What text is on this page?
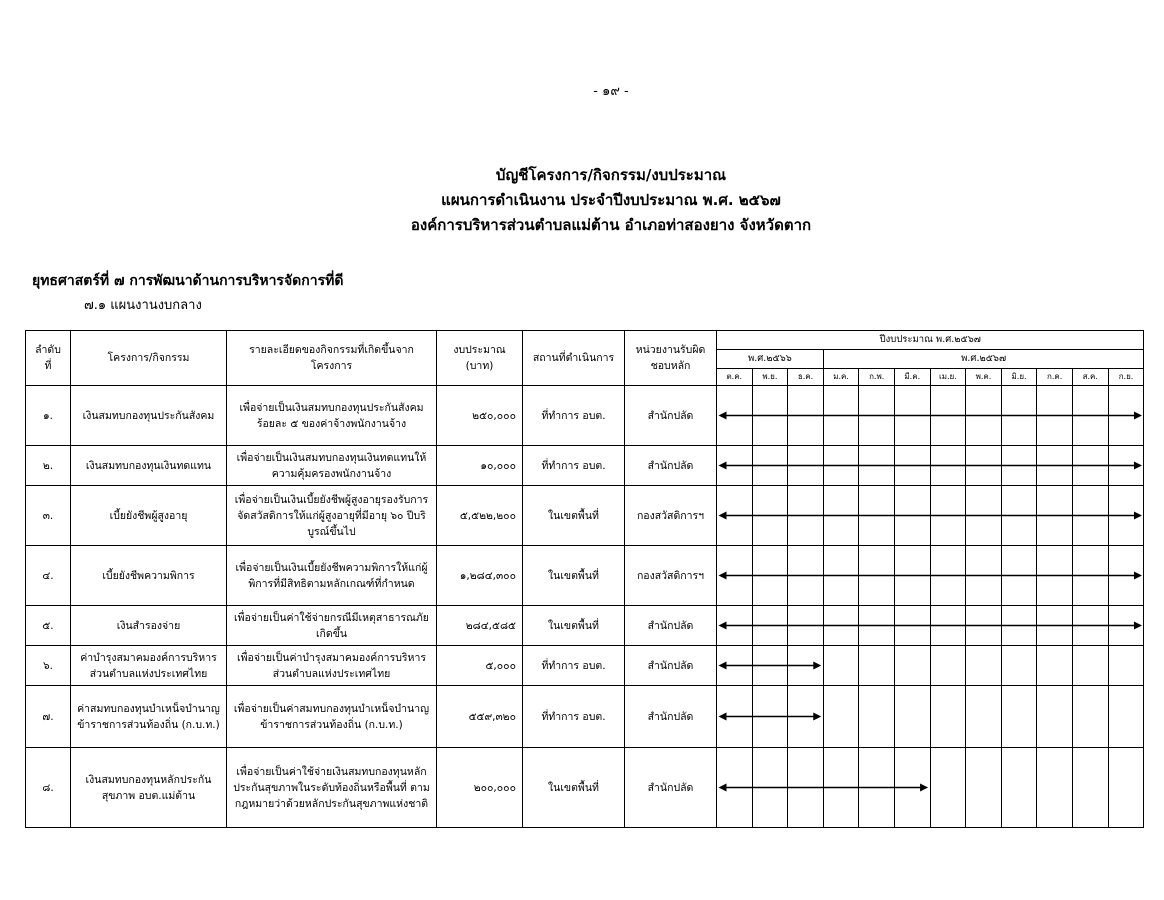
- ๑๙ -
บัญชีโครงการ/กิจกรรม/งบประมาณ
แผนการดำเนินงาน ประจำปีงบประมาณ พ.ศ. ๒๕๖๗
องค์การบริหารส่วนตำบลแม่ต้าน อำเภอท่าสองยาง จังหวัดตาก
ยุทธศาสตร์ที่ ๗ การพัฒนาด้านการบริหารจัดการที่ดี
๗.๑ แผนงานงบกลาง
ลำดับที่	โครงการ/กิจกรรม	รายละเอียดของกิจกรรมที่เกิดขึ้นจากโครงการ	งบประมาณ (บาท)	สถานที่ดำเนินการ	หน่วยงานรับผิดชอบหลัก	ปีงบประมาณ พ.ศ.๒๕๖๗											
						พ.ศ.๒๕๖๖			พ.ศ.๒๕๖๗								
						ต.ค.	พ.ย.	ธ.ค.	ม.ค.	ก.พ.	มี.ค.	เม.ย.	พ.ค.	มิ.ย.	ก.ค.	ส.ค.	ก.ย.
๑.	เงินสมทบกองทุนประกันสังคม	เพื่อจ่ายเป็นเงินสมทบกองทุนประกันสังคม ร้อยละ ๕ ของค่าจ้างพนักงานจ้าง	๒๕๐,๐๐๐	ที่ทำการ อบต.	สำนักปลัด												
๒.	เงินสมทบกองทุนเงินทดแทน	เพื่อจ่ายเป็นเงินสมทบกองทุนเงินทดแทนให้ความคุ้มครองพนักงานจ้าง	๑๐,๐๐๐	ที่ทำการ อบต.	สำนักปลัด												
๓.	เบี้ยยังชีพผู้สูงอายุ	เพื่อจ่ายเป็นเงินเบี้ยยังชีพผู้สูงอายุรองรับการจัดสวัสดิการให้แก่ผู้สูงอายุที่มีอายุ ๖๐ ปีบริบูรณ์ขึ้นไป	๕,๕๒๒,๒๐๐	ในเขตพื้นที่	กองสวัสดิการฯ												
๔.	เบี้ยยังชีพความพิการ	เพื่อจ่ายเป็นเงินเบี้ยยังชีพความพิการให้แก่ผู้พิการที่มีสิทธิตามหลักเกณฑ์ที่กำหนด	๑,๒๘๔,๓๐๐	ในเขตพื้นที่	กองสวัสดิการฯ												
๕.	เงินสำรองจ่าย	เพื่อจ่ายเป็นค่าใช้จ่ายกรณีมีเหตุสาธารณภัยเกิดขึ้น	๒๘๔,๕๘๕	ในเขตพื้นที่	สำนักปลัด												
๖.	ค่าบำรุงสมาคมองค์การบริหารส่วนตำบลแห่งประเทศไทย	เพื่อจ่ายเป็นค่าบำรุงสมาคมองค์การบริหารส่วนตำบลแห่งประเทศไทย	๕,๐๐๐	ที่ทำการ อบต.	สำนักปลัด												
๗.	ค่าสมทบกองทุนบำเหน็จบำนาญข้าราชการส่วนท้องถิ่น (ก.บ.ท.)	เพื่อจ่ายเป็นค่าสมทบกองทุนบำเหน็จบำนาญข้าราชการส่วนท้องถิ่น (ก.บ.ท.)	๕๕๙,๓๒๐	ที่ทำการ อบต.	สำนักปลัด												
๘.	เงินสมทบกองทุนหลักประกันสุขภาพ อบต.แม่ต้าน	เพื่อจ่ายเป็นค่าใช้จ่ายเงินสมทบกองทุนหลักประกันสุขภาพในระดับท้องถิ่นหรือพื้นที่ ตามกฎหมายว่าด้วยหลักประกันสุขภาพแห่งชาติ	๒๐๐,๐๐๐	ในเขตพื้นที่	สำนักปลัด												
